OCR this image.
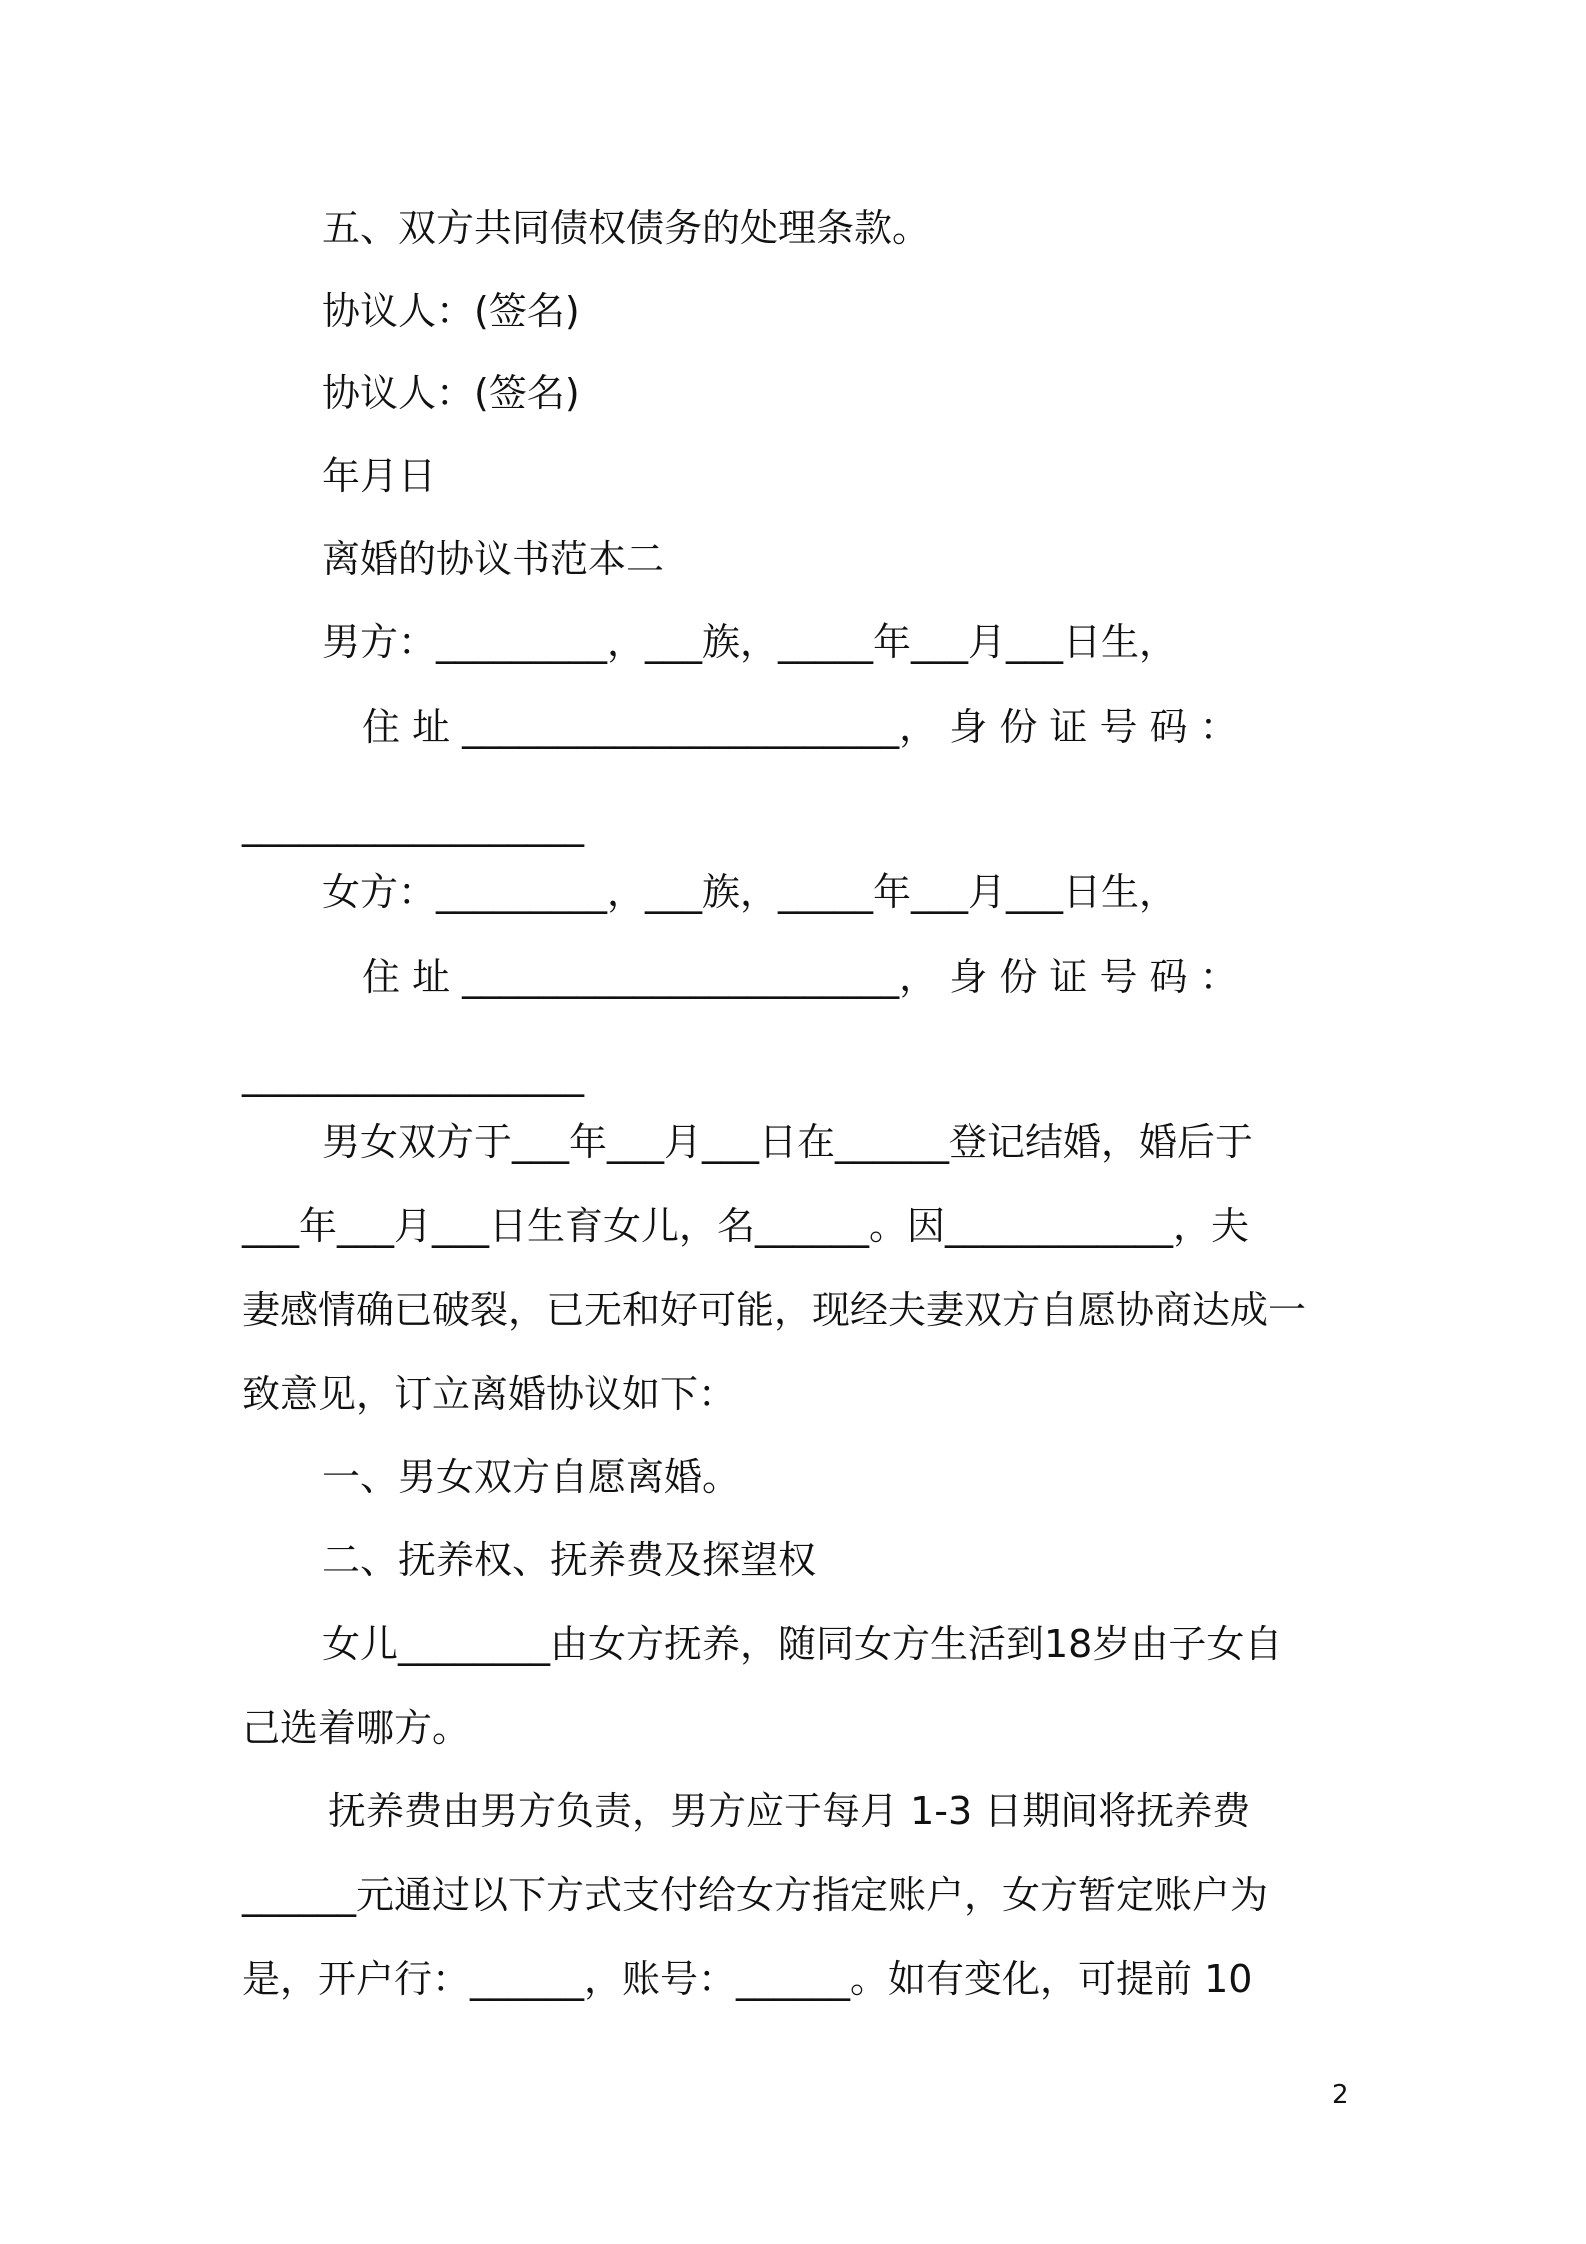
五、双方共同债权债务的处理条款。
协议人：(签名)
协议人：(签名)
年月日
离婚的协议书范本二
男方：_________，___族，_____年___月___日生，
住 址 _______________________， 身 份 证 号 码 ：
__________________
女方：_________，___族，_____年___月___日生，
住 址 _______________________， 身 份 证 号 码 ：
__________________
男女双方于___年___月___日在______登记结婚，婚后于
___年___月___日生育女儿，名______。因____________，夫
妻感情确已破裂，已无和好可能，现经夫妻双方自愿协商达成一
致意见，订立离婚协议如下：
一、男女双方自愿离婚。
二、抚养权、抚养费及探望权
女儿________由女方抚养，随同女方生活到18岁由子女自
己选着哪方。
抚养费由男方负责，男方应于每月 1-3 日期间将抚养费
______元通过以下方式支付给女方指定账户，女方暂定账户为
是，开户行：______，账号：______。如有变化，可提前 10
2
